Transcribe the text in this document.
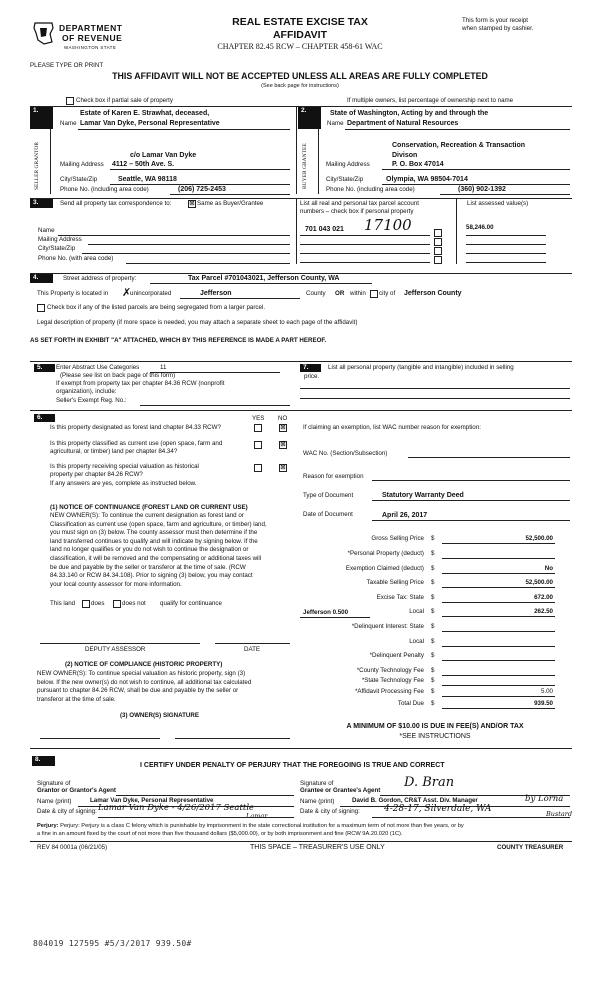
DEPARTMENT
OF REVENUE
WASHINGTON STATE
REAL ESTATE EXCISE TAX
AFFIDAVIT
CHAPTER 82.45 RCW – CHAPTER 458-61 WAC
This form is your receipt
when stamped by cashier.
PLEASE TYPE OR PRINT
THIS AFFIDAVIT WILL NOT BE ACCEPTED UNLESS ALL AREAS ARE FULLY COMPLETED
(See back page for instructions)
Check box if partial sale of property	If multiple owners, list percentage of ownership next to name
1.	2.
Estate of Karen E. Strawhat, deceased,
Name Lamar Van Dyke, Personal Representative
SELLER GRANTOR	c/o Lamar Van Dyke
Mailing Address 4112 – 50th Ave. S.
City/State/Zip	Seattle, WA 98118
Phone No. (including area code)	(206) 725-2453
State of Washington, Acting by and through the
Name Department of Natural Resources
BUYER GRANTEE	Conservation, Recreation & Transaction
Divison
Mailing Address	P. O. Box 47014
City/State/Zip	Olympia, WA 98504-7014
Phone No. (including area code)	(360) 902-1392
3.	Send all property tax correspondence to:	⊠ Same as Buyer/Grantee	List all real and personal tax parcel account
numbers – check box if personal property
List assessed value(s)
701 043 021 17100	58,246.00
Name
Mailing Address
City/State/Zip
Phone No. (with area code)
4.	Street address of property:	Tax Parcel #701043021, Jefferson County, WA
This Property is located in ✗
unincorporated	Jefferson	County OR within city of Jefferson County
Check box if any of the listed parcels are being segregated from a larger parcel.
Legal description of property (if more space is needed, you may attach a separate sheet to each page of the affidavit)
AS SET FORTH IN EXHIBIT "A" ATTACHED, WHICH BY THIS REFERENCE IS MADE A PART HEREOF.
5.	Enter Abstract Use Categories	11
(Please see list on back page of this form)
If exempt from property tax per chapter 84.36 RCW (nonprofit
organization), include:
Seller's Exempt Reg. No.:
7.	List all personal property (tangible and intangible) included in selling
price.
6.	YES NO
Is this property designated as forest land chapter 84.33 RCW?	⊠
Is this property classified as current use (open space, farm and
agricultural, or timber) land per chapter 84.34?
⊠
Is this property receiving special valuation as historical
property per chapter 84.26 RCW?
⊠
If any answers are yes, complete as instructed below.
(1) NOTICE OF CONTINUANCE (FOREST LAND OR CURRENT USE)
NEW OWNER(S): To continue the current designation as forest land or
Classification as current use (open space, farm and agriculture, or timber) land,
you must sign on (3) below. The county assessor must then determine if the
land transferred continues to qualify and will indicate by signing below. If the
land no longer qualifies or you do not wish to continue the designation or
classification, it will be removed and the compensating or additional taxes will
be due and payable by the seller or transferor at the time of sale. (RCW
84.33.140 or RCW 84.34.108). Prior to signing (3) below, you may contact
your local county assessor for more information.
This land	does	does not qualify for continuance
DEPUTY ASSESSOR	DATE
(2) NOTICE OF COMPLIANCE (HISTORIC PROPERTY)
NEW OWNER(S): To continue special valuation as historic property, sign (3)
below. If the new owner(s) do not wish to continue, all additional tax calculated
pursuant to chapter 84.26 RCW, shall be due and payable by the seller or
transferor at the time of sale.
(3) OWNER(S) SIGNATURE
If claiming an exemption, list WAC number reason for exemption:
WAC No. (Section/Subsection)
Reason for exemption
Type of Document	Statutory Warranty Deed
Date of Document	April 26, 2017
Gross Selling Price $	52,500.00
*Personal Property (deduct) $
Exemption Claimed (deduct) $	No
Taxable Selling Price $	52,500.00
Excise Tax: State $	672.00
Local $	262.50
*Delinquent Interest: State $
Local $
*Delinquent Penalty $
*County Technology Fee $
*State Technology Fee $
*Affidavit Processing Fee $	5.00
Total Due $	939.50
Jefferson 0.500
A MINIMUM OF $10.00 IS DUE IN FEE(S) AND/OR TAX
*SEE INSTRUCTIONS
8.
I CERTIFY UNDER PENALTY OF PERJURY THAT THE FOREGOING IS TRUE AND CORRECT
Signature of
Grantor or Grantor's Agent
Name (print)	Lamar Van Dyke, Personal Representative
Date & city of signing: Lamar Van Dyke - 4/26/2017 Seattle
Lamar
Signature of
Grantee or Grantee's Agent
D. Bran
Name (print)	David B. Gordon, CR&T Asst. Div. Manager	by Lorna
Date & city of signing:	4-28-17, Silverdale, WA	Bustard
Perjury: Perjury: Perjury is a class C felony which is punishable by imprisonment in the state correctional institution for a maximum term of not more than five years, or by
a fine in an amount fixed by the court of not more than five thousand dollars ($5,000.00), or by both imprisonment and fine (RCW 9A.20.020 (1C).
REV 84 0001a (06/21/05)	THIS SPACE – TREASURER'S USE ONLY	COUNTY TREASURER
804019 127595 #5/3/2017 939.50#
